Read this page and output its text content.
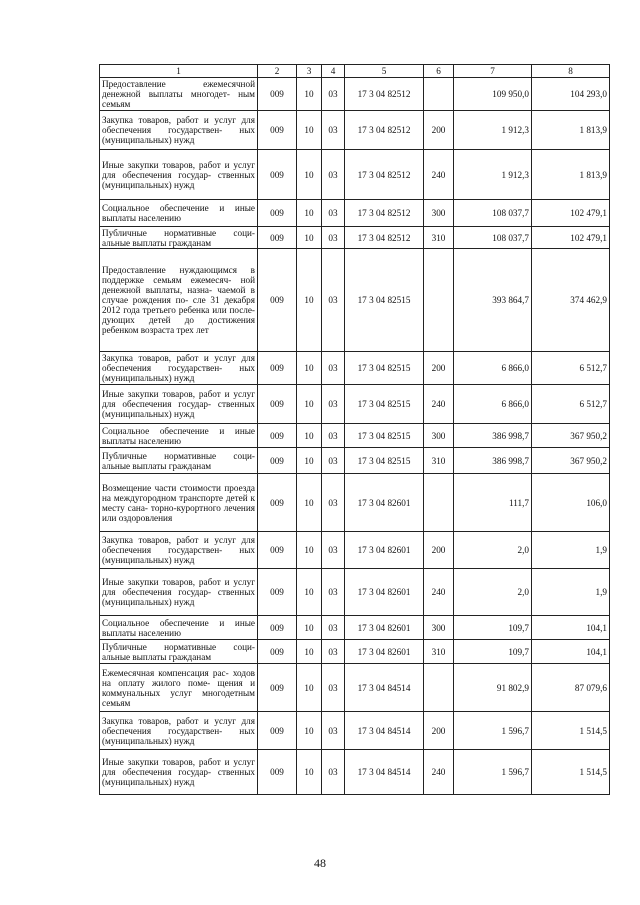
1	2	3	4	5	6	7	8
Предоставление ежемесячной денежной выплаты многодет- ным семьям	009	10	03	17 3 04 82512		109 950,0	104 293,0
Закупка товаров, работ и услуг для обеспечения государствен- ных (муниципальных) нужд	009	10	03	17 3 04 82512	200	1 912,3	1 813,9
Иные закупки товаров, работ и услуг для обеспечения государ- ственных (муниципальных) нужд	009	10	03	17 3 04 82512	240	1 912,3	1 813,9
Социальное обеспечение и иные выплаты населению	009	10	03	17 3 04 82512	300	108 037,7	102 479,1
Публичные нормативные соци- альные выплаты гражданам	009	10	03	17 3 04 82512	310	108 037,7	102 479,1
Предоставление нуждающимся в поддержке семьям ежемесяч- ной денежной выплаты, назна- чаемой в случае рождения по- сле 31 декабря 2012 года третьего ребенка или после- дующих детей до достижения ребенком возраста трех лет	009	10	03	17 3 04 82515		393 864,7	374 462,9
Закупка товаров, работ и услуг для обеспечения государствен- ных (муниципальных) нужд	009	10	03	17 3 04 82515	200	6 866,0	6 512,7
Иные закупки товаров, работ и услуг для обеспечения государ- ственных (муниципальных) нужд	009	10	03	17 3 04 82515	240	6 866,0	6 512,7
Социальное обеспечение и иные выплаты населению	009	10	03	17 3 04 82515	300	386 998,7	367 950,2
Публичные нормативные соци- альные выплаты гражданам	009	10	03	17 3 04 82515	310	386 998,7	367 950,2
Возмещение части стоимости проезда на междугородном транспорте детей к месту сана- торно-курортного лечения или оздоровления	009	10	03	17 3 04 82601		111,7	106,0
Закупка товаров, работ и услуг для обеспечения государствен- ных (муниципальных) нужд	009	10	03	17 3 04 82601	200	2,0	1,9
Иные закупки товаров, работ и услуг для обеспечения государ- ственных (муниципальных) нужд	009	10	03	17 3 04 82601	240	2,0	1,9
Социальное обеспечение и иные выплаты населению	009	10	03	17 3 04 82601	300	109,7	104,1
Публичные нормативные соци- альные выплаты гражданам	009	10	03	17 3 04 82601	310	109,7	104,1
Ежемесячная компенсация рас- ходов на оплату жилого поме- щения и коммунальных услуг многодетным семьям	009	10	03	17 3 04 84514		91 802,9	87 079,6
Закупка товаров, работ и услуг для обеспечения государствен- ных (муниципальных) нужд	009	10	03	17 3 04 84514	200	1 596,7	1 514,5
Иные закупки товаров, работ и услуг для обеспечения государ- ственных (муниципальных) нужд	009	10	03	17 3 04 84514	240	1 596,7	1 514,5
48
